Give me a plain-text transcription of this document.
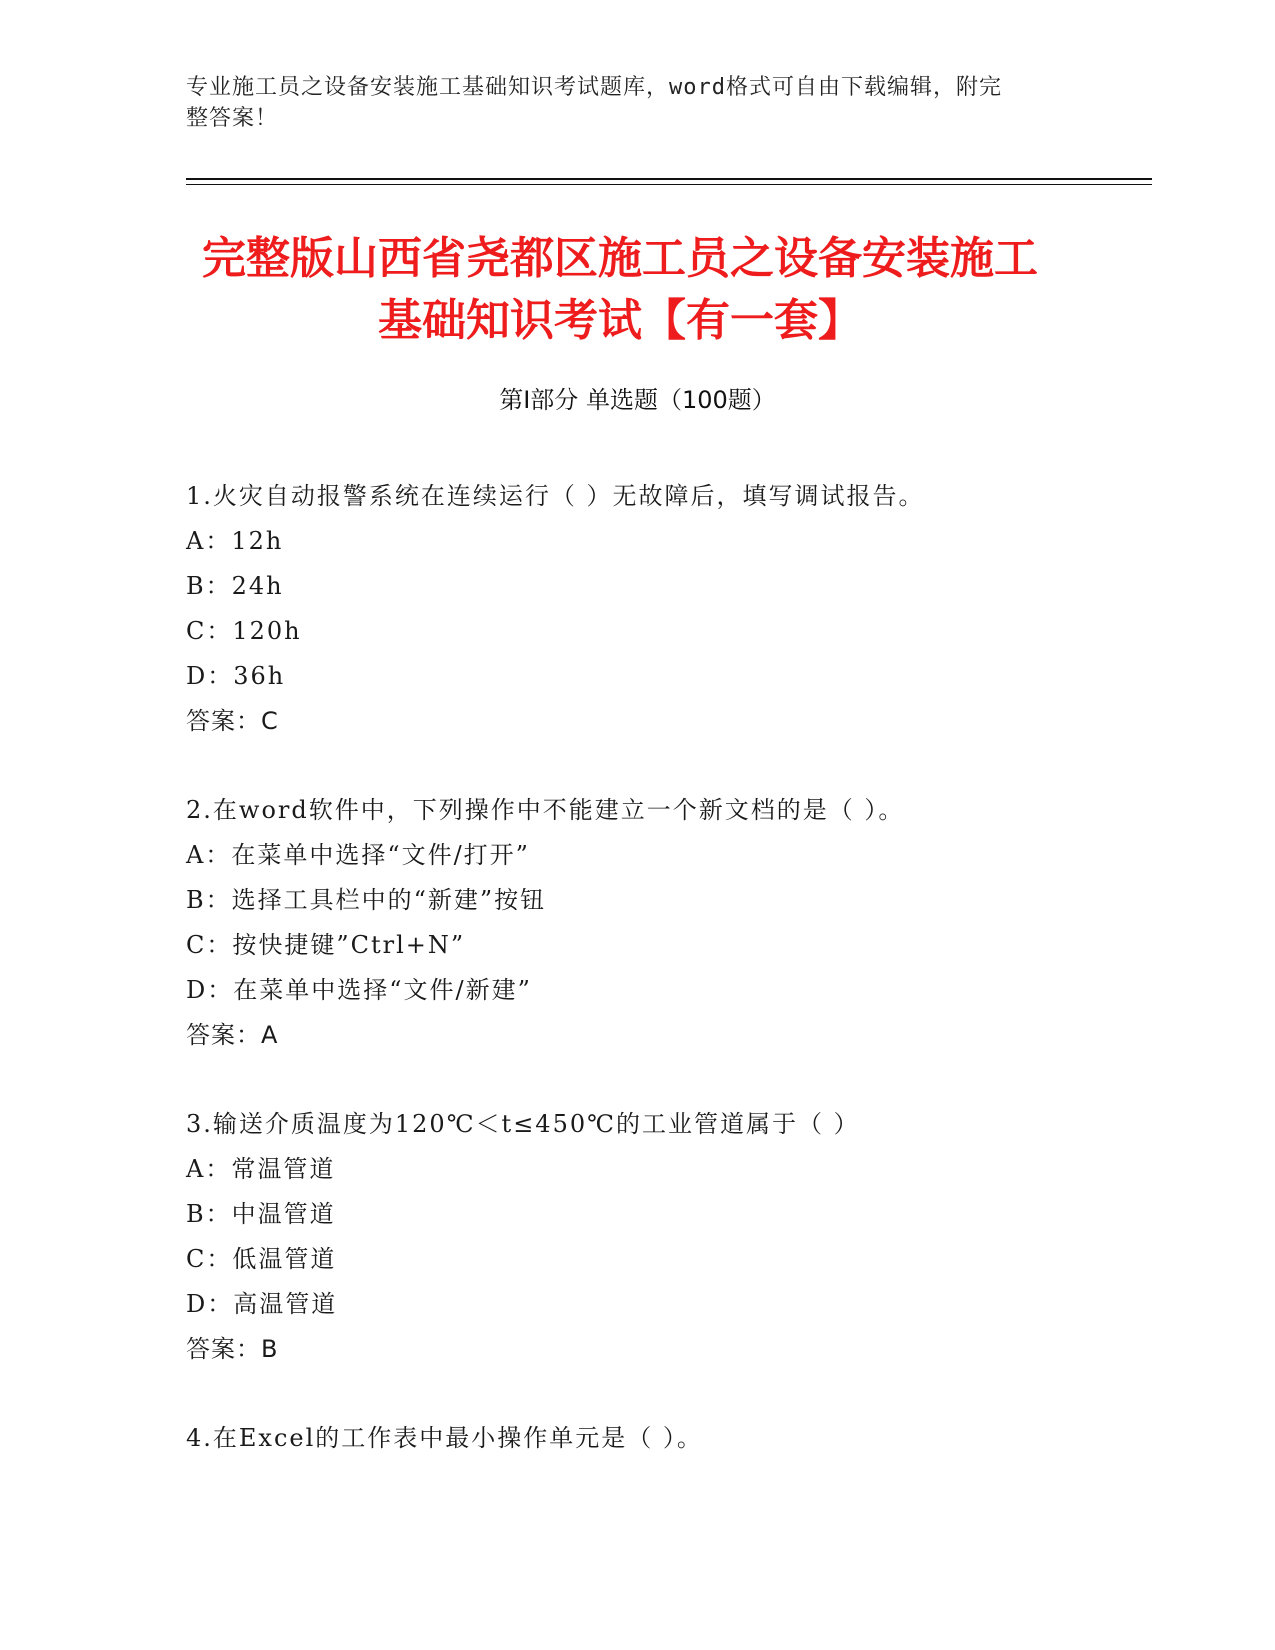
专业施工员之设备安装施工基础知识考试题库，word格式可自由下载编辑，附完
整答案！
完整版山西省尧都区施工员之设备安装施工
基础知识考试【有一套】
第Ⅰ部分 单选题（100题）
1.火灾自动报警系统在连续运行（ ）无故障后，填写调试报告。
A：12h
B：24h
C：120h
D：36h
答案：C
2.在word软件中，下列操作中不能建立一个新文档的是（ ）。
A：在菜单中选择“文件/打开”
B：选择工具栏中的“新建”按钮
C：按快捷键”Ctrl+N”
D：在菜单中选择“文件/新建”
答案：A
3.输送介质温度为120℃＜t≤450℃的工业管道属于（ ）
A：常温管道
B：中温管道
C：低温管道
D：高温管道
答案：B
4.在Excel的工作表中最小操作单元是（ ）。
